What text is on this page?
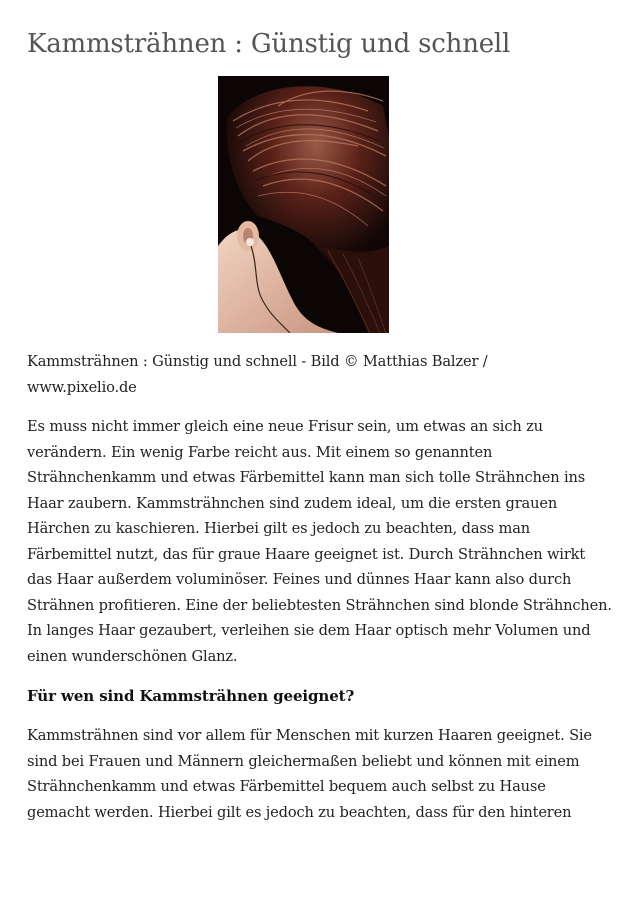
Kammsträhnen : Günstig und schnell

Kammsträhnen : Günstig und schnell - Bild © Matthias Balzer /
www.pixelio.de

Es muss nicht immer gleich eine neue Frisur sein, um etwas an sich zu verändern. Ein wenig Farbe reicht aus. Mit einem so genannten Strähnchenkamm und etwas Färbemittel kann man sich tolle Strähnchen ins Haar zaubern. Kammsträhnchen sind zudem ideal, um die ersten grauen Härchen zu kaschieren. Hierbei gilt es jedoch zu beachten, dass man Färbemittel nutzt, das für graue Haare geeignet ist. Durch Strähnchen wirkt das Haar außerdem voluminöser. Feines und dünnes Haar kann also durch Strähnen profitieren. Eine der beliebtesten Strähnchen sind blonde Strähnchen. In langes Haar gezaubert, verleihen sie dem Haar optisch mehr Volumen und einen wunderschönen Glanz.

Für wen sind Kammsträhnen geeignet?

Kammsträhnen sind vor allem für Menschen mit kurzen Haaren geeignet. Sie sind bei Frauen und Männern gleichermaßen beliebt und können mit einem Strähnchenkamm und etwas Färbemittel bequem auch selbst zu Hause gemacht werden. Hierbei gilt es jedoch zu beachten, dass für den hinteren
